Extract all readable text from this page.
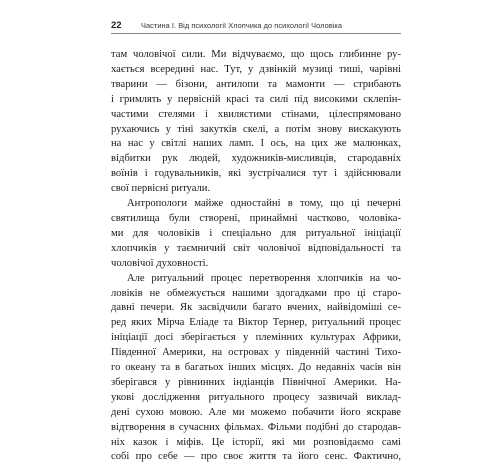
22	Частина І. Від психології Хлопчика до психології Чоловіка
там чоловічої сили. Ми відчуваємо, що щось глибинне ру-
хається всередині нас. Тут, у дзвінкій музиці тиші, чарівні
тварини — бізони, антилопи та мамонти — стрибають
і гримлять у первісній красі та силі під високими склепін-
частими стелями і хвилястими стінами, цілеспрямовано
рухаючись у тіні закутків скелі, а потім знову вискакують
на нас у світлі наших ламп. І ось, на цих же малюнках,
відбитки рук людей, художників-мисливців, стародавніх
воїнів і годувальників, які зустрічалися тут і здійснювали
свої первісні ритуали.
Антропологи майже одностайні в тому, що ці печерні
святилища були створені, принаймні частково, чоловіка-
ми для чоловіків і спеціально для ритуальної ініціації
хлопчиків у таємничий світ чоловічої відповідальності та
чоловічої духовності.
Але ритуальний процес перетворення хлопчиків на чо-
ловіків не обмежується нашими здогадками про ці старо-
давні печери. Як засвідчили багато вчених, найвідоміші се-
ред яких Мірча Еліаде та Віктор Тернер, ритуальний процес
ініціації досі зберігається у племінних культурах Африки,
Південної Америки, на островах у південній частині Тихо-
го океану та в багатьох інших місцях. До недавніх часів він
зберігався у рівнинних індіанців Північної Америки. На-
укові дослідження ритуального процесу зазвичай виклад-
дені сухою мовою. Але ми можемо побачити його яскраве
відтворення в сучасних фільмах. Фільми подібні до стародав-
ніх казок і міфів. Це історії, які ми розповідаємо самі
собі про себе — про своє життя та його сенс. Фактично,
